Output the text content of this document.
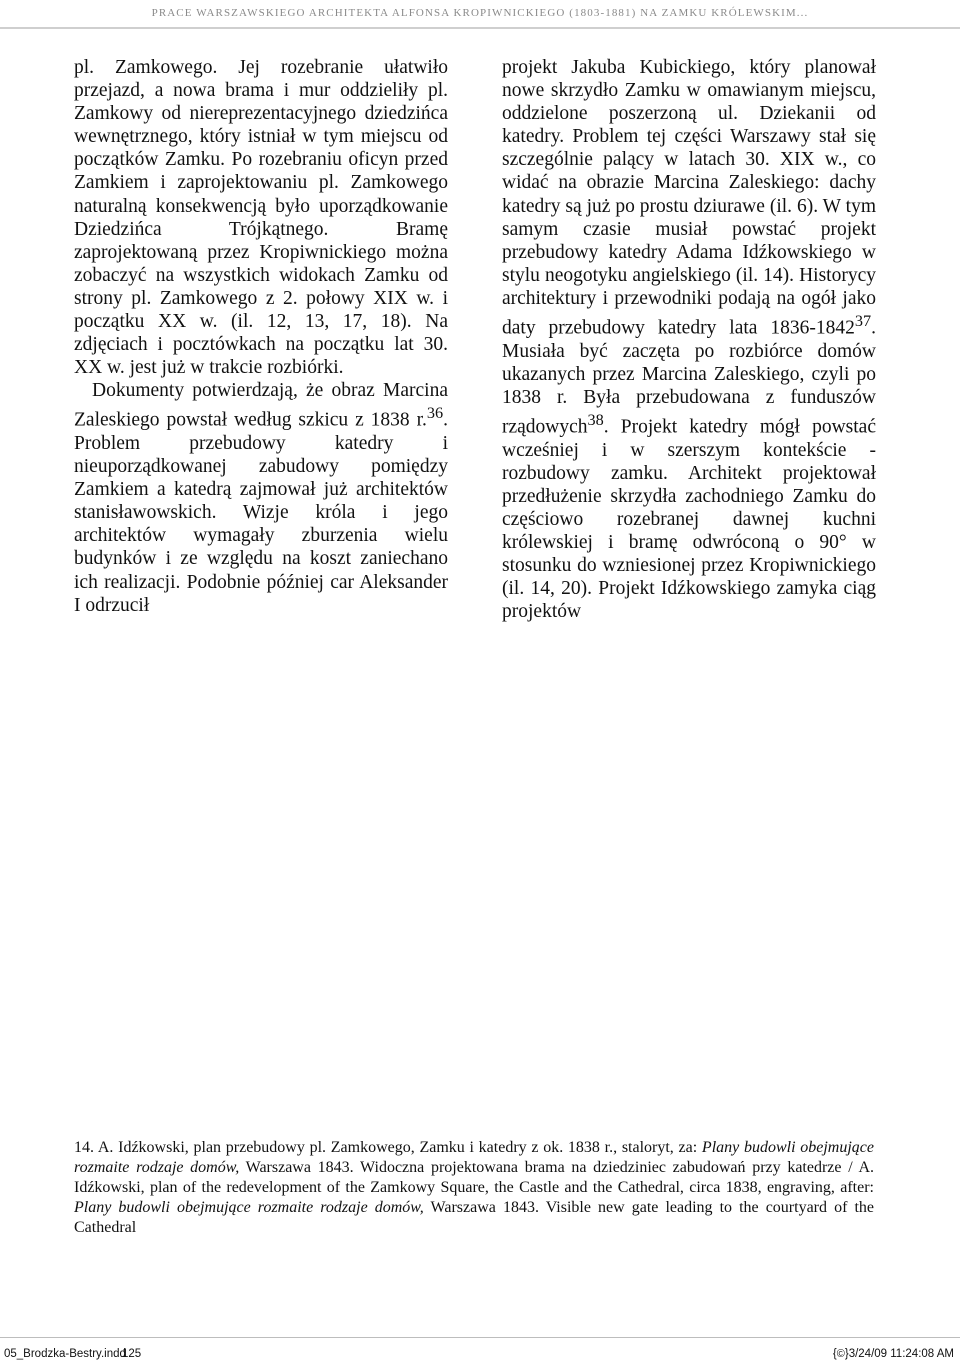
PRACE WARSZAWSKIEGO ARCHITEKTA ALFONSA KROPIWNICKIEGO (1803-1881) NA ZAMKU KRÓLEWSKIM...

pl. Zamkowego. Jej rozebranie ułatwiło przejazd, a nowa brama i mur oddzieliły pl. Zamkowy od niereprezentacyjnego dziedzińca wewnętrznego, który istniał w tym miejscu od początków Zamku. Po rozebraniu oficyn przed Zamkiem i zaprojektowaniu pl. Zamkowego naturalną konsekwencją było uporządkowanie Dziedzińca Trójkątnego. Bramę zaprojektowaną przez Kropiwnickiego można zobaczyć na wszystkich widokach Zamku od strony pl. Zamkowego z 2. połowy XIX w. i początku XX w. (il. 12, 13, 17, 18). Na zdjęciach i pocztówkach na początku lat 30. XX w. jest już w trakcie rozbiórki.

Dokumenty potwierdzają, że obraz Marcina Zaleskiego powstał według szkicu z 1838 r.$^{36}$. Problem przebudowy katedry i nieuporządkowanej zabudowy pomiędzy Zamkiem a katedrą zajmował już architektów stanisławowskich. Wizje króla i jego architektów wymagały zburzenia wielu budynków i ze względu na koszt zaniechano ich realizacji. Podobnie później car Aleksander I odrzucił

projekt Jakuba Kubickiego, który planował nowe skrzydło Zamku w omawianym miejscu, oddzielone poszerzoną ul. Dziekanii od katedry. Problem tej części Warszawy stał się szczególnie palący w latach 30. XIX w., co widać na obrazie Marcina Zaleskiego: dachy katedry są już po prostu dziurawe (il. 6). W tym samym czasie musiał powstać projekt przebudowy katedry Adama Idźkowskiego w stylu neogotyku angielskiego (il. 14). Historycy architektury i przewodniki podają na ogół jako daty przebudowy katedry lata 1836-1842$^{37}$. Musiała być zaczęta po rozbiórce domów ukazanych przez Marcina Zaleskiego, czyli po 1838 r. Była przebudowana z funduszów rządowych$^{38}$. Projekt katedry mógł powstać wcześniej i w szerszym kontekście - rozbudowy zamku. Architekt projektował przedłużenie skrzydła zachodniego Zamku do częściowo rozebranej dawnej kuchni królewskiej i bramę odwróconą o 90° w stosunku do wzniesionej przez Kropiwnickiego (il. 14, 20). Projekt Idźkowskiego zamyka ciąg projektów

14. A. Idźkowski, plan przebudowy pl. Zamkowego, Zamku i katedry z ok. 1838 r., staloryt, za: Plany budowli obejmujące rozmaite rodzaje domów, Warszawa 1843. Widoczna projektowana brama na dziedziniec zabudowań przy katedrze / A. Idźkowski, plan of the redevelopment of the Zamkowy Square, the Castle and the Cathedral, circa 1838, engraving, after: Plany budowli obejmujące rozmaite rodzaje domów, Warszawa 1843. Visible new gate leading to the courtyard of the Cathedral

05_Brodzka-Bestry.indd
125	{©}3/24/09 11:24:08 AM
